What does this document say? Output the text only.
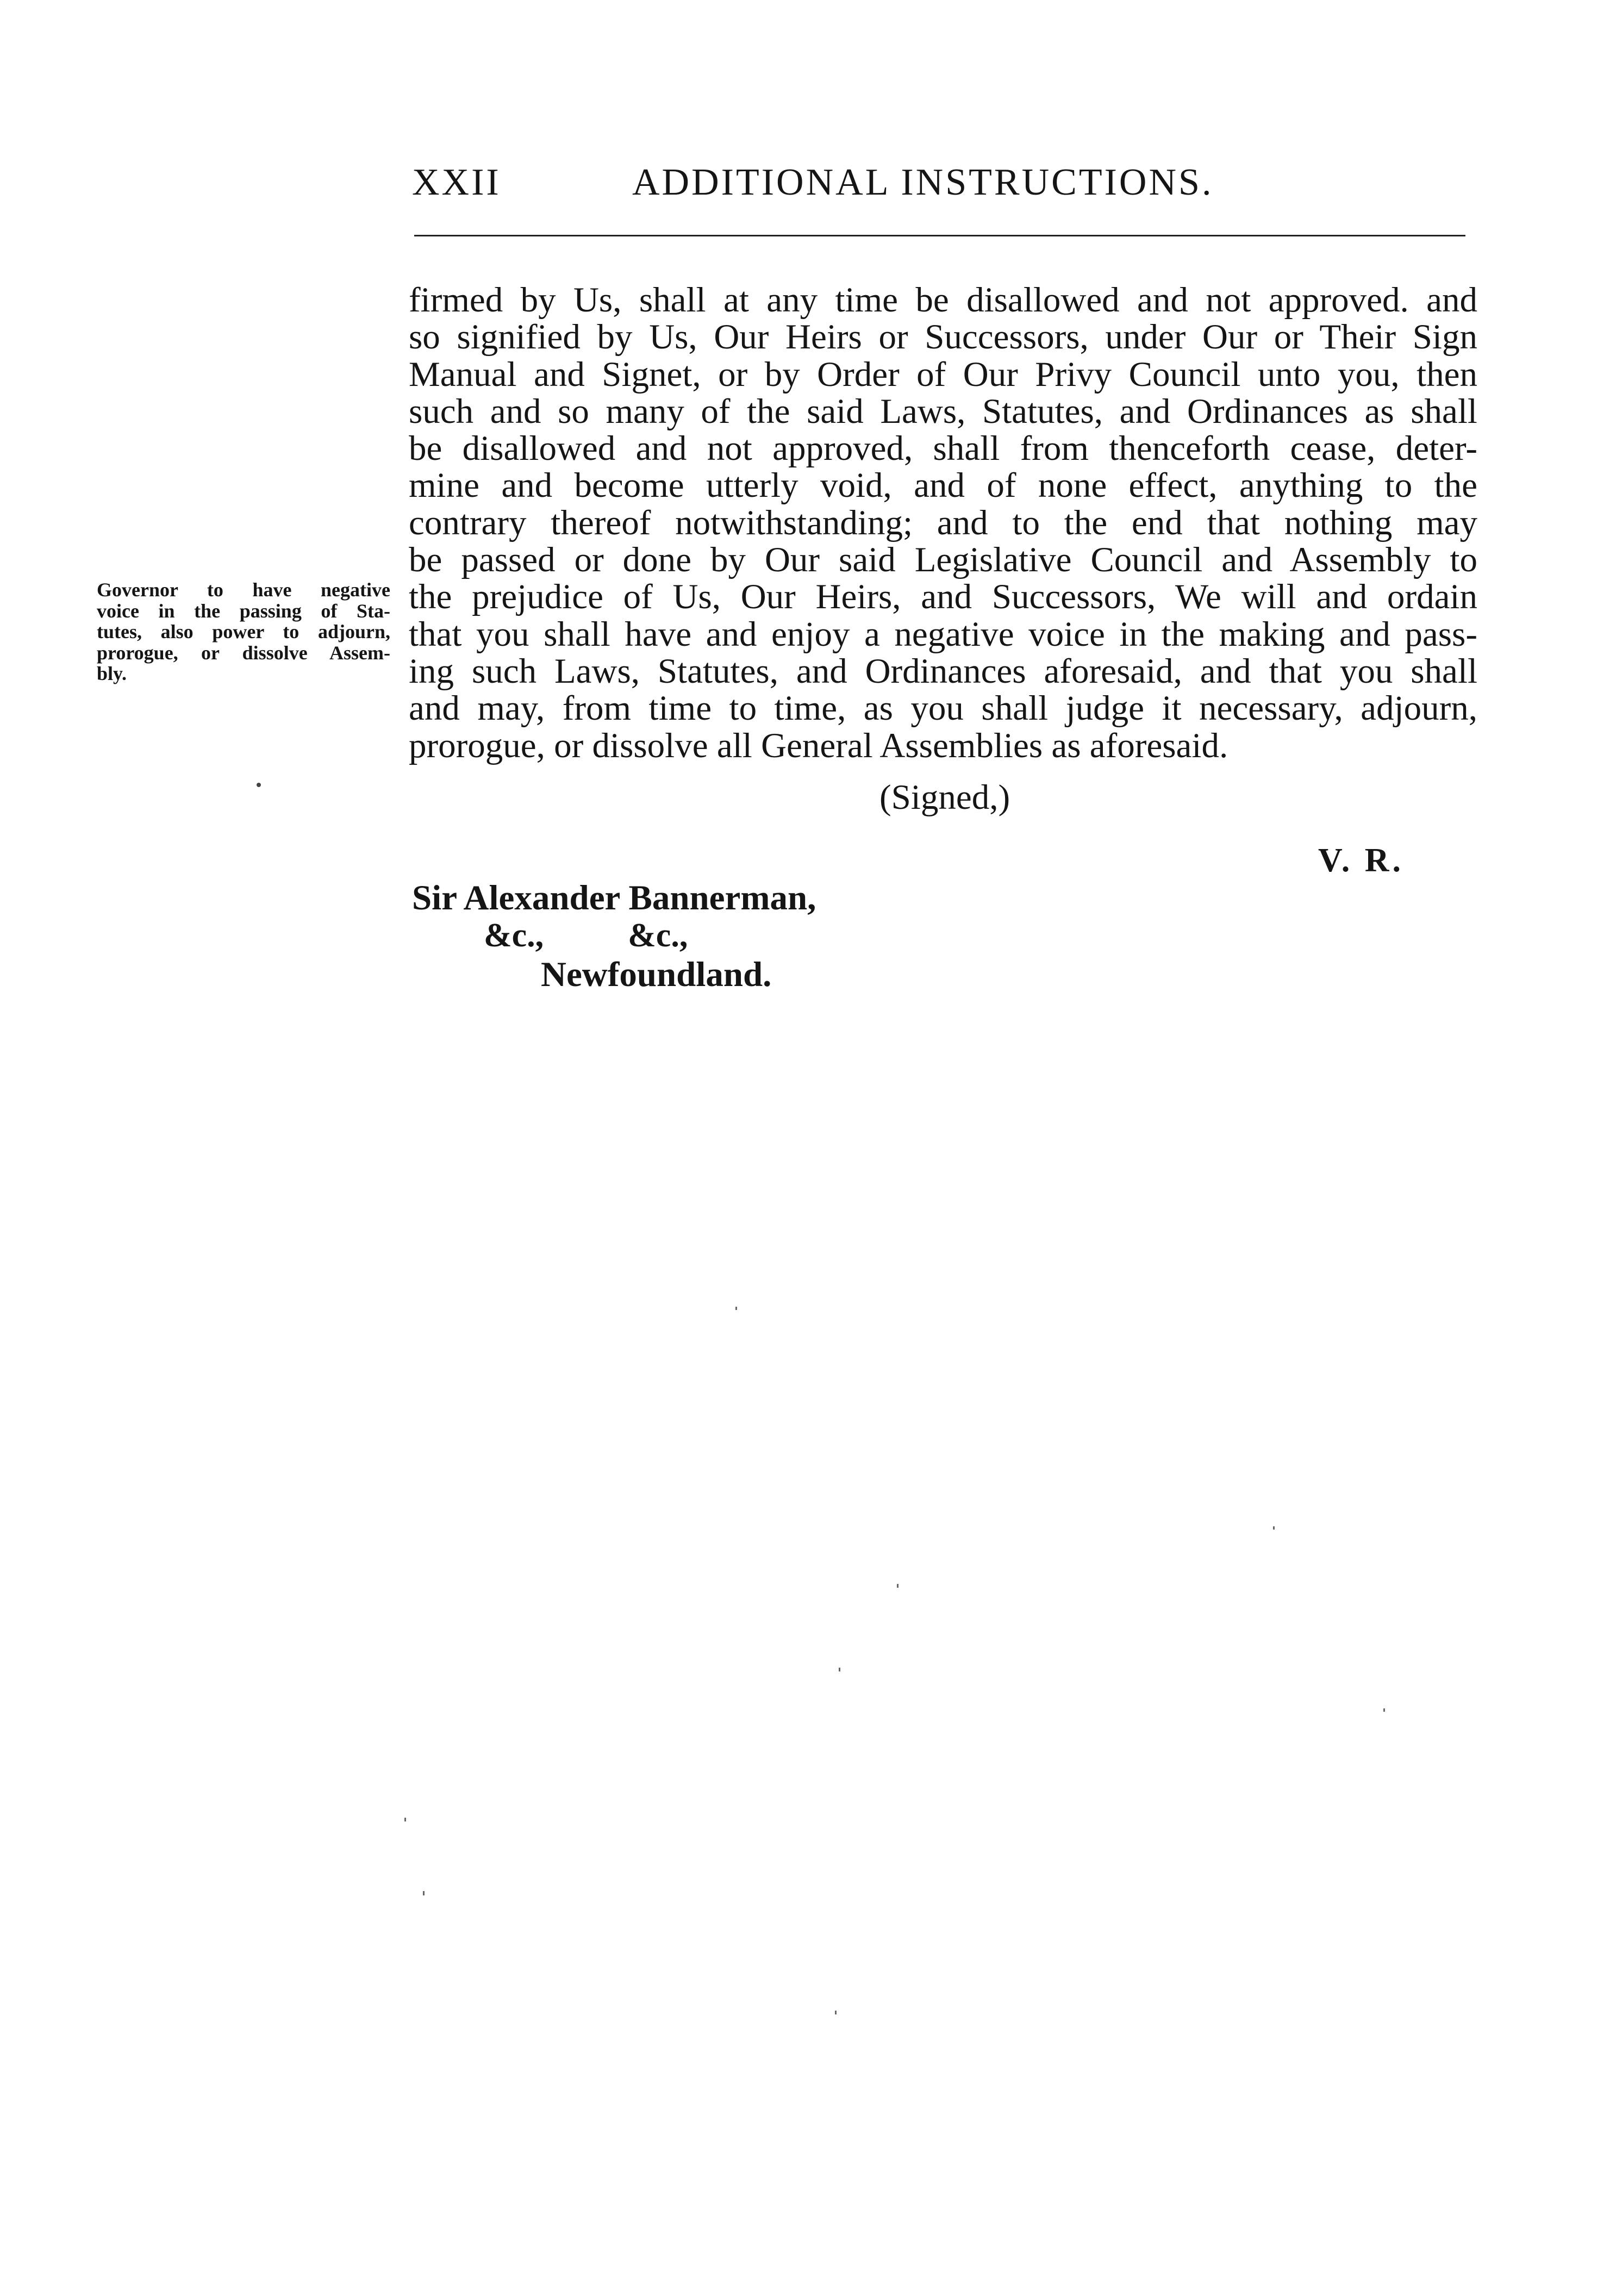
XXII	ADDITIONAL INSTRUCTIONS.
Governor to have negative
voice in the passing of Sta-
tutes, also power to adjourn,
prorogue, or dissolve Assem-
bly.
firmed by Us, shall at any time be disallowed and not approved. and
so signified by Us, Our Heirs or Successors, under Our or Their Sign
Manual and Signet, or by Order of Our Privy Council unto you, then
such and so many of the said Laws, Statutes, and Ordinances as shall
be disallowed and not approved, shall from thenceforth cease, deter-
mine and become utterly void, and of none effect, anything to the
contrary thereof notwithstanding; and to the end that nothing may
be passed or done by Our said Legislative Council and Assembly to
the prejudice of Us, Our Heirs, and Successors, We will and ordain
that you shall have and enjoy a negative voice in the making and pass-
ing such Laws, Statutes, and Ordinances aforesaid, and that you shall
and may, from time to time, as you shall judge it necessary, adjourn,
prorogue, or dissolve all General Assemblies as aforesaid.
(Signed,)
V. R.
Sir Alexander Bannerman,
&c.,          &c.,
Newfoundland.
